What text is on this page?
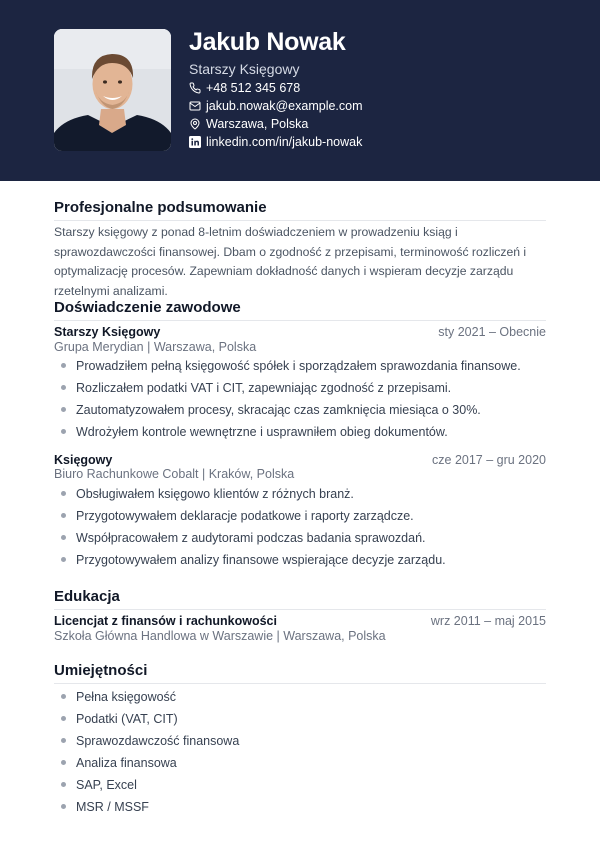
Jakub Nowak
Starszy Księgowy
+48 512 345 678
jakub.nowak@example.com
Warszawa, Polska
linkedin.com/in/jakub-nowak
Profesjonalne podsumowanie
Starszy księgowy z ponad 8-letnim doświadczeniem w prowadzeniu ksiąg i sprawozdawczości finansowej. Dbam o zgodność z przepisami, terminowość rozliczeń i optymalizację procesów. Zapewniam dokładność danych i wspieram decyzje zarządu rzetelnymi analizami.
Doświadczenie zawodowe
Starszy Księgowy	sty 2021 – Obecnie
Grupa Merydian | Warszawa, Polska
Prowadziłem pełną księgowość spółek i sporządzałem sprawozdania finansowe.
Rozliczałem podatki VAT i CIT, zapewniając zgodność z przepisami.
Zautomatyzowałem procesy, skracając czas zamknięcia miesiąca o 30%.
Wdrożyłem kontrole wewnętrzne i usprawniłem obieg dokumentów.
Księgowy	cze 2017 – gru 2020
Biuro Rachunkowe Cobalt | Kraków, Polska
Obsługiwałem księgowo klientów z różnych branż.
Przygotowywałem deklaracje podatkowe i raporty zarządcze.
Współpracowałem z audytorami podczas badania sprawozdań.
Przygotowywałem analizy finansowe wspierające decyzje zarządu.
Edukacja
Licencjat z finansów i rachunkowości	wrz 2011 – maj 2015
Szkoła Główna Handlowa w Warszawie | Warszawa, Polska
Umiejętności
Pełna księgowość
Podatki (VAT, CIT)
Sprawozdawczość finansowa
Analiza finansowa
SAP, Excel
MSR / MSSF
